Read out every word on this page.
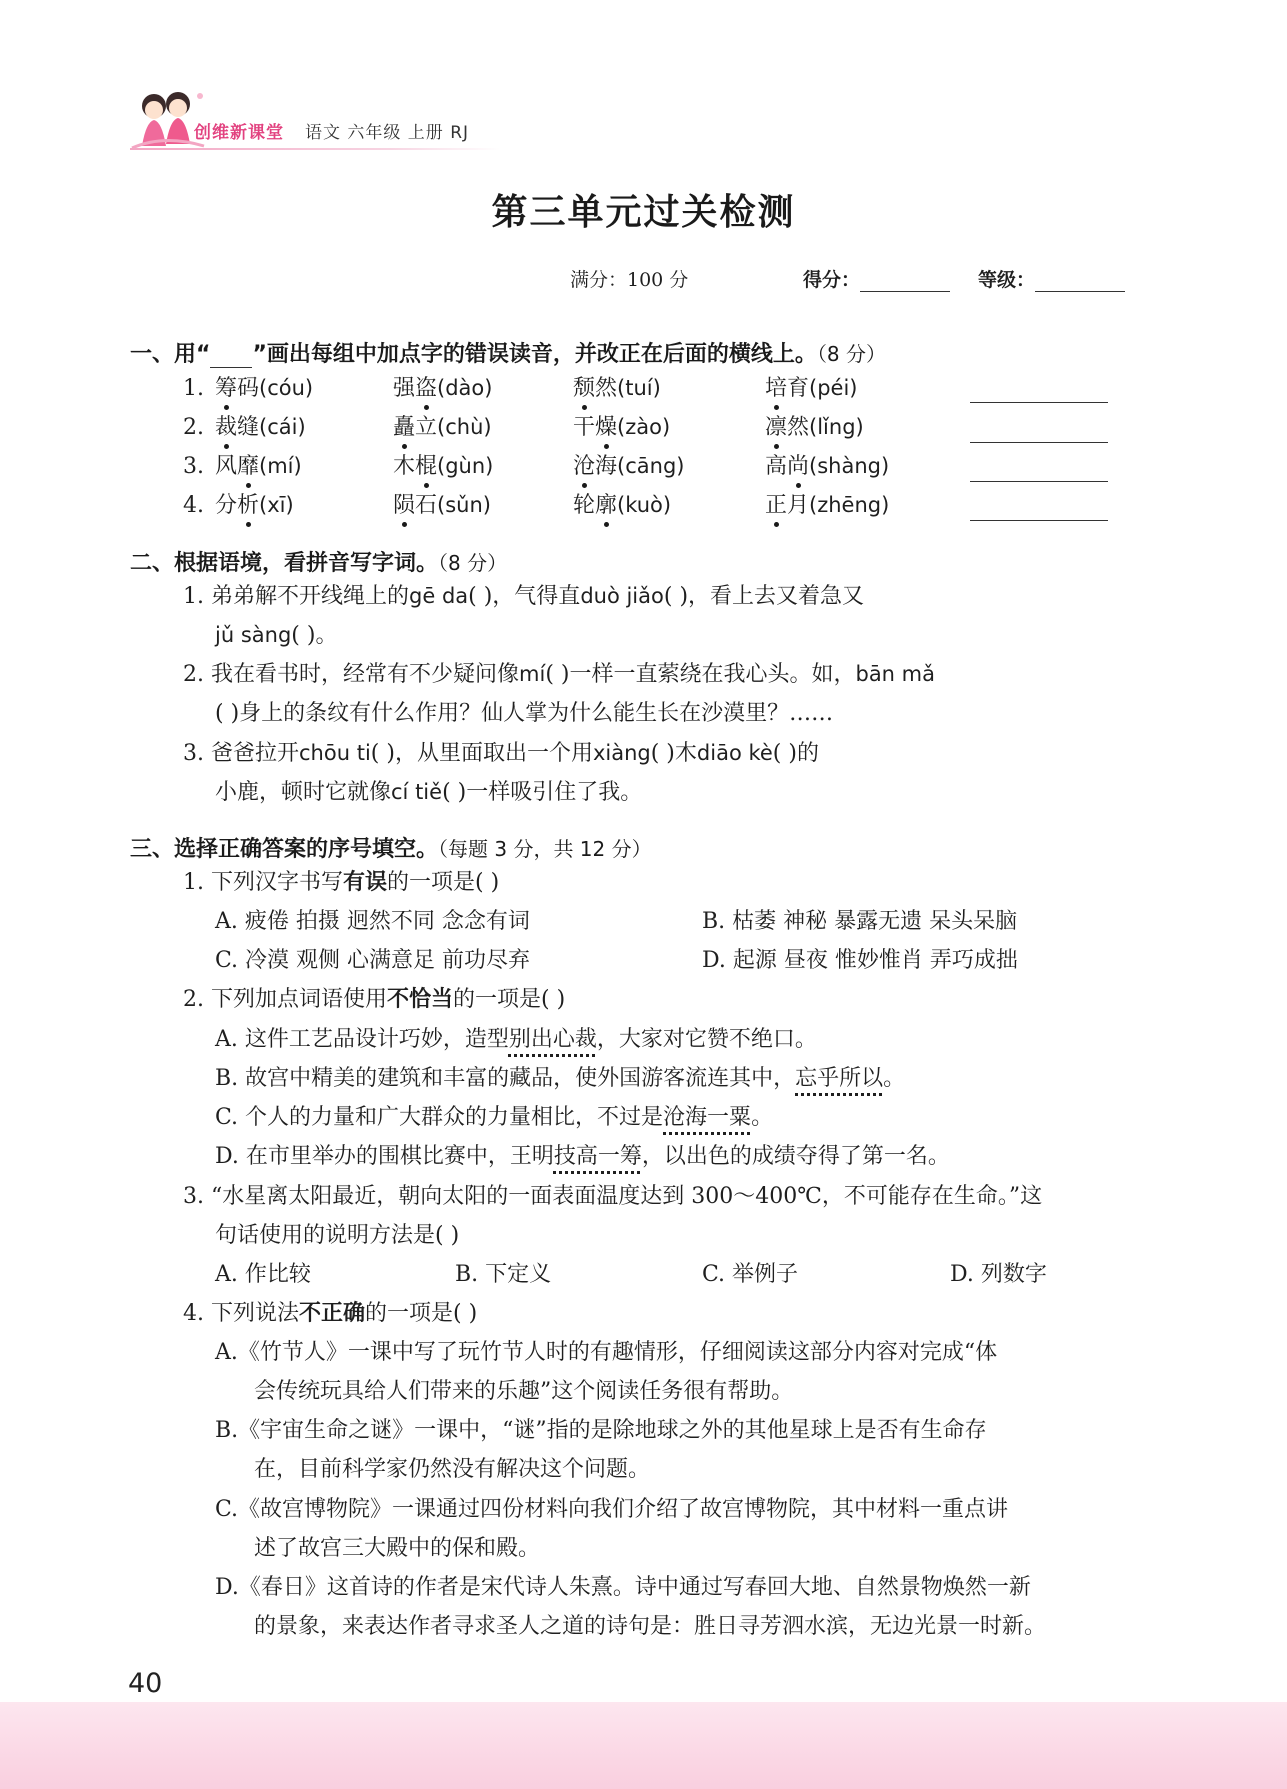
创维新课堂 语文 六年级 上册 RJ
第三单元过关检测
满分：100 分	得分：	等级：
一、用“ ”画出每组中加点字的错误读音，并改正在后面的横线上。（8 分）
1. 筹码(cóu)	强盗(dào)	颓然(tuí)	培育(péi)
2. 裁缝(cái)	矗立(chù)	干燥(zào)	凛然(lǐng)
3. 风靡(mí)	木棍(gùn)	沧海(cāng)	高尚(shàng)
4. 分析(xī)	陨石(sǔn)	轮廓(kuò)	正月(zhēng)
二、根据语境，看拼音写字词。（8 分）
1. 弟弟解不开线绳上的gē da( )，气得直duò jiǎo( )，看上去又着急又
jǔ sàng( )。
2. 我在看书时，经常有不少疑问像mí( )一样一直萦绕在我心头。如，bān mǎ
( )身上的条纹有什么作用？仙人掌为什么能生长在沙漠里？……
3. 爸爸拉开chōu ti( )，从里面取出一个用xiàng( )木diāo kè( )的
小鹿，顿时它就像cí tiě( )一样吸引住了我。
三、选择正确答案的序号填空。（每题 3 分，共 12 分）
1. 下列汉字书写有误的一项是( )
A. 疲倦 拍摄 迥然不同 念念有词	B. 枯萎 神秘 暴露无遗 呆头呆脑
C. 冷漠 观侧 心满意足 前功尽弃	D. 起源 昼夜 惟妙惟肖 弄巧成拙
2. 下列加点词语使用不恰当的一项是( )
A. 这件工艺品设计巧妙，造型别出心裁，大家对它赞不绝口。
B. 故宫中精美的建筑和丰富的藏品，使外国游客流连其中，忘乎所以。
C. 个人的力量和广大群众的力量相比，不过是沧海一粟。
D. 在市里举办的围棋比赛中，王明技高一筹，以出色的成绩夺得了第一名。
3. “水星离太阳最近，朝向太阳的一面表面温度达到 300～400℃，不可能存在生命。”这
句话使用的说明方法是( )
A. 作比较	B. 下定义	C. 举例子	D. 列数字
4. 下列说法不正确的一项是( )
A.《竹节人》一课中写了玩竹节人时的有趣情形，仔细阅读这部分内容对完成“体
会传统玩具给人们带来的乐趣”这个阅读任务很有帮助。
B.《宇宙生命之谜》一课中，“谜”指的是除地球之外的其他星球上是否有生命存
在，目前科学家仍然没有解决这个问题。
C.《故宫博物院》一课通过四份材料向我们介绍了故宫博物院，其中材料一重点讲
述了故宫三大殿中的保和殿。
D.《春日》这首诗的作者是宋代诗人朱熹。诗中通过写春回大地、自然景物焕然一新
的景象，来表达作者寻求圣人之道的诗句是：胜日寻芳泗水滨，无边光景一时新。
40
